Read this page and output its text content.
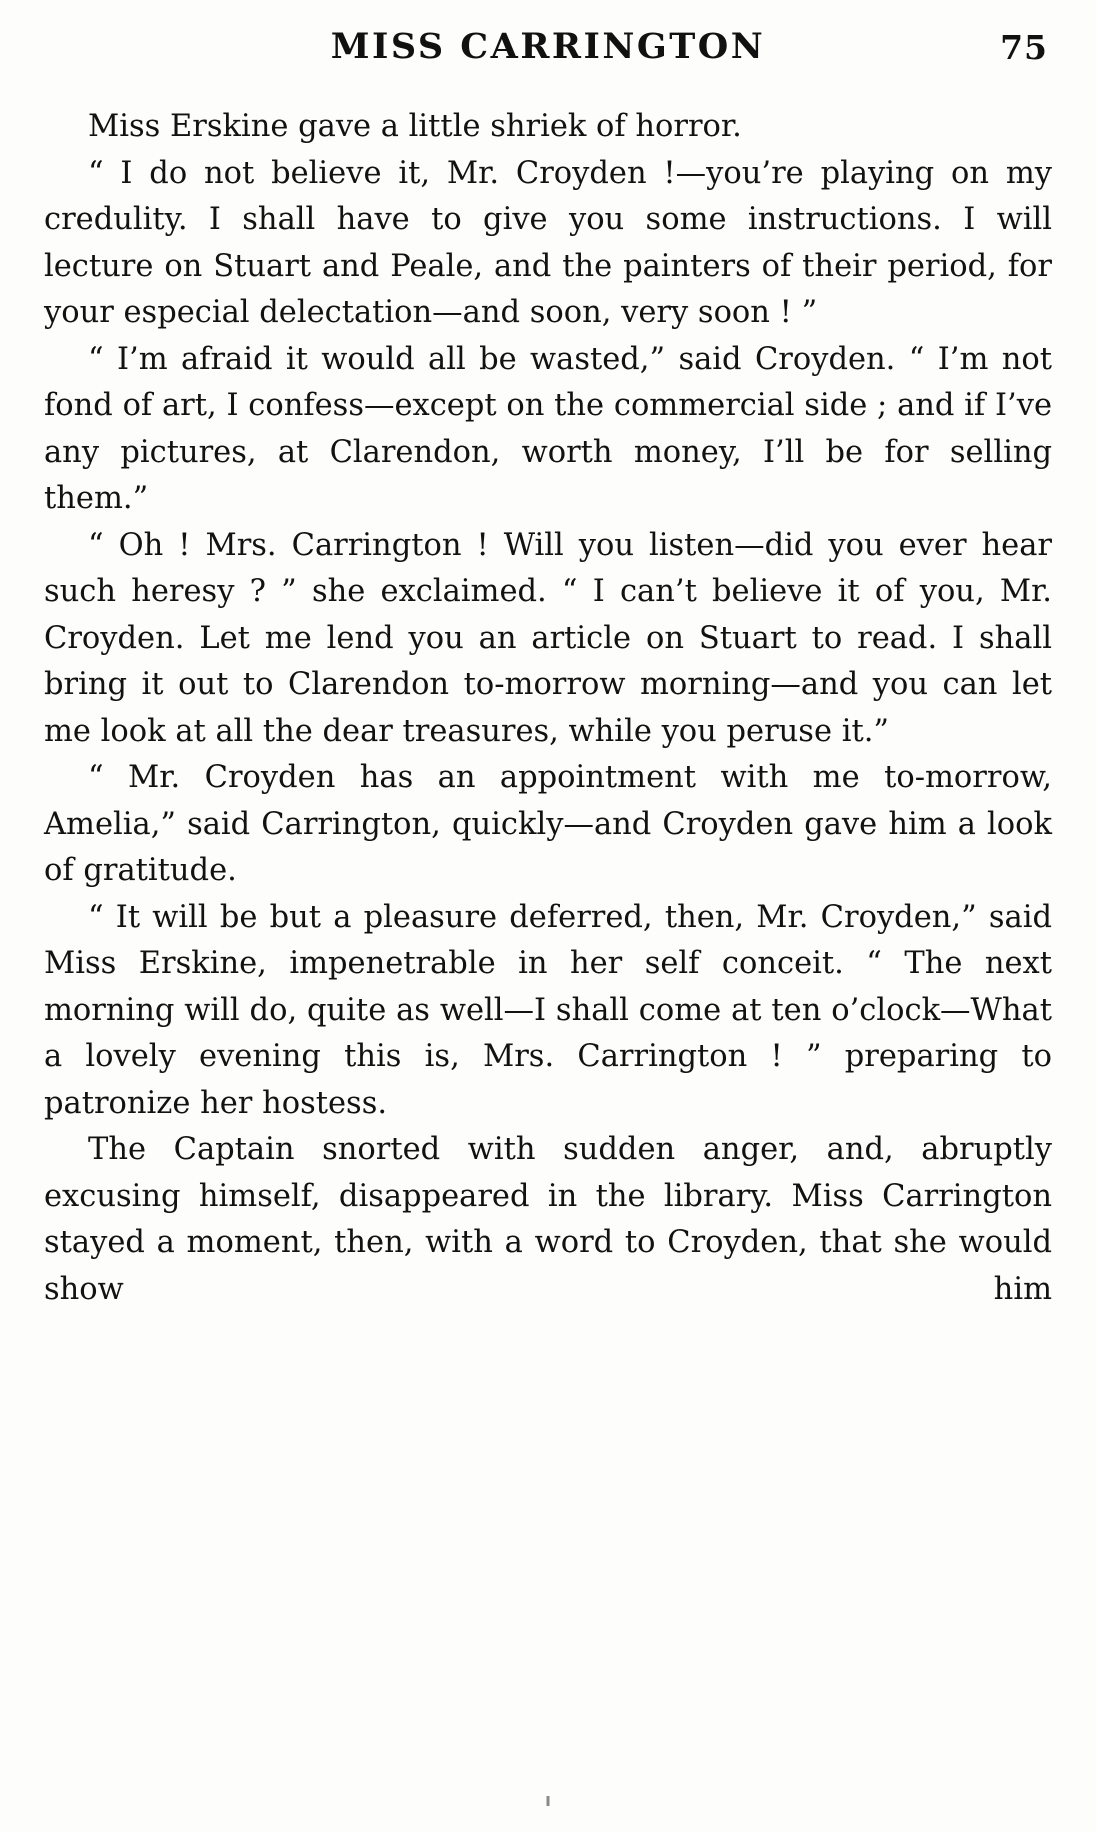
MISS CARRINGTON	75

Miss Erskine gave a little shriek of horror.

“ I do not believe it, Mr. Croyden !—you’re playing on my credulity. I shall have to give you some instructions. I will lecture on Stuart and Peale, and the painters of their period, for your especial delectation—and soon, very soon ! ”

“ I’m afraid it would all be wasted,” said Croyden. “ I’m not fond of art, I confess—except on the commercial side ; and if I’ve any pictures, at Clarendon, worth money, I’ll be for selling them.”

“ Oh ! Mrs. Carrington ! Will you listen—did you ever hear such heresy ? ” she exclaimed. “ I can’t believe it of you, Mr. Croyden. Let me lend you an article on Stuart to read. I shall bring it out to Clarendon to-morrow morning—and you can let me look at all the dear treasures, while you peruse it.”

“ Mr. Croyden has an appointment with me to-morrow, Amelia,” said Carrington, quickly—and Croyden gave him a look of gratitude.

“ It will be but a pleasure deferred, then, Mr. Croyden,” said Miss Erskine, impenetrable in her self conceit. “ The next morning will do, quite as well—I shall come at ten o’clock—What a lovely evening this is, Mrs. Carrington ! ” preparing to patronize her hostess.

The Captain snorted with sudden anger, and, abruptly excusing himself, disappeared in the library. Miss Carrington stayed a moment, then, with a word to Croyden, that she would show him
